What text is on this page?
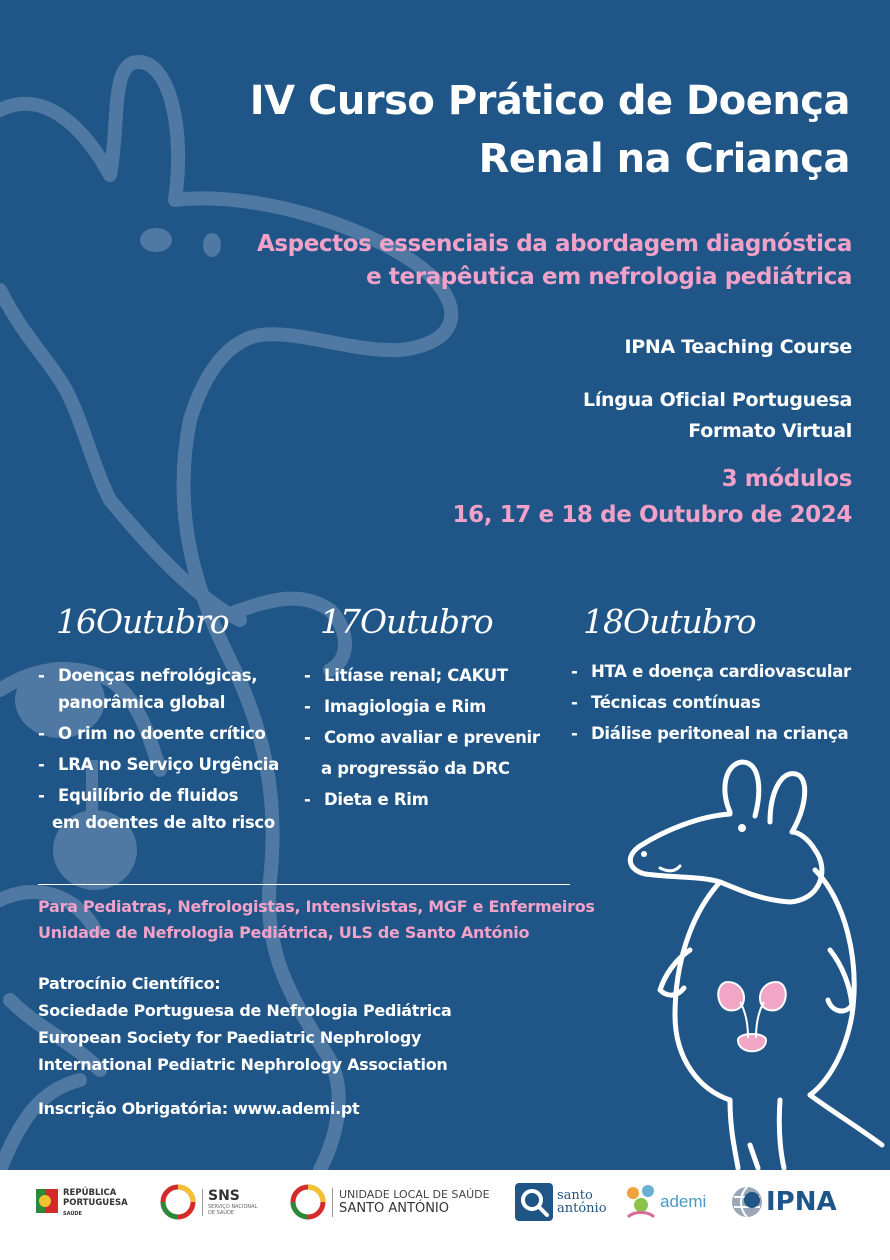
IV Curso Prático de Doença
Renal na Criança
Aspectos essenciais da abordagem diagnóstica
e terapêutica em nefrologia pediátrica
IPNA Teaching Course
Língua Oficial Portuguesa
Formato Virtual
3 módulos
16, 17 e 18 de Outubro de 2024
16Outubro
- Doenças nefrológicas,
panorâmica global
- O rim no doente crítico
- LRA no Serviço Urgência
- Equilíbrio de fluidos
em doentes de alto risco
17Outubro
- Litíase renal; CAKUT
- Imagiologia e Rim
- Como avaliar e prevenir
a progressão da DRC
- Dieta e Rim
18Outubro
- HTA e doença cardiovascular
- Técnicas contínuas
- Diálise peritoneal na criança
Para Pediatras, Nefrologistas, Intensivistas, MGF e Enfermeiros
Unidade de Nefrologia Pediátrica, ULS de Santo António
Patrocínio Científico:
Sociedade Portuguesa de Nefrologia Pediátrica
European Society for Paediatric Nephrology
International Pediatric Nephrology Association
Inscrição Obrigatória: www.ademi.pt
REPÚBLICA
PORTUGUESA
SAÚDE
SNS
SERVIÇO NACIONAL
DE SAÚDE
UNIDADE LOCAL DE SAÚDE
SANTO ANTÓNIO
santo
antónio	ademi IPNA
